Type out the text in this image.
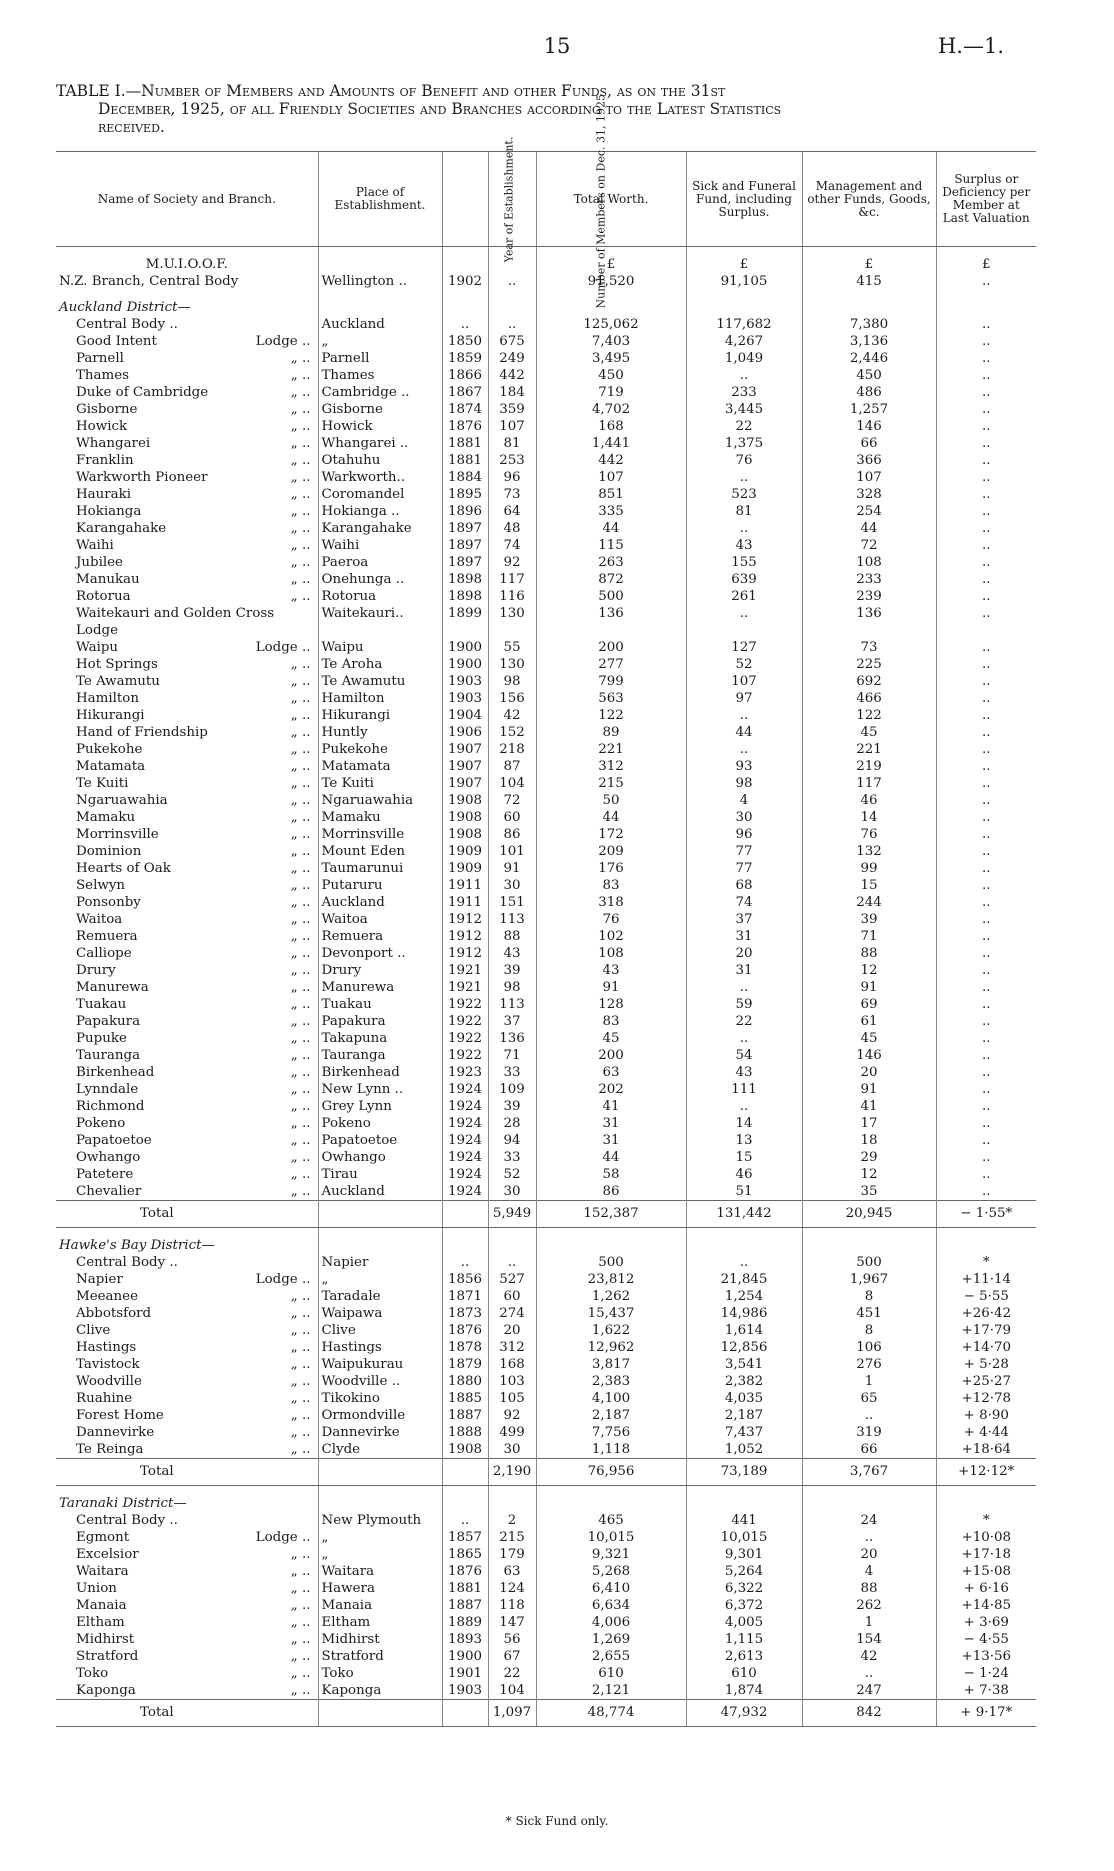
15	H.—1.
TABLE I.—Number of Members and Amounts of Benefit and other Funds, as on the 31st
December, 1925, of all Friendly Societies and Branches according to the Latest Statistics
received.
Name of Society and Branch.	Place of Establishment.	Year of Establishment.	Number of Members on Dec. 31, 1925.	Total Worth.	Sick and Funeral Fund, including Surplus.	Management and other Funds, Goods, &c.	Surplus or Deficiency per Member at Last Valuation

M.U.I.O.O.F.				£	£	£	£
N.Z. Branch, Central Body	Wellington ..	1902	..	91,520	91,105	415	..

Auckland District—							
Central Body ..	Auckland	..	..	125,062	117,682	7,380	..
Good Intent Lodge ..	„	1850	675	7,403	4,267	3,136	..
Parnell „ ..	Parnell	1859	249	3,495	1,049	2,446	..
Thames „ ..	Thames	1866	442	450	..	450	..
Duke of Cambridge „ ..	Cambridge ..	1867	184	719	233	486	..
Gisborne „ ..	Gisborne	1874	359	4,702	3,445	1,257	..
Howick „ ..	Howick	1876	107	168	22	146	..
Whangarei „ ..	Whangarei ..	1881	81	1,441	1,375	66	..
Franklin „ ..	Otahuhu	1881	253	442	76	366	..
Warkworth Pioneer „ ..	Warkworth..	1884	96	107	..	107	..
Hauraki „ ..	Coromandel	1895	73	851	523	328	..
Hokianga „ ..	Hokianga ..	1896	64	335	81	254	..
Karangahake „ ..	Karangahake	1897	48	44	..	44	..
Waihi „ ..	Waihi	1897	74	115	43	72	..
Jubilee „ ..	Paeroa	1897	92	263	155	108	..
Manukau „ ..	Onehunga ..	1898	117	872	639	233	..
Rotorua „ ..	Rotorua	1898	116	500	261	239	..
Waitekauri and Golden Cross	Waitekauri..	1899	130	136	..	136	..
Lodge

Waipu Lodge ..	Waipu	1900	55	200	127	73	..
Hot Springs „ ..	Te Aroha	1900	130	277	52	225	..
Te Awamutu „ ..	Te Awamutu	1903	98	799	107	692	..
Hamilton „ ..	Hamilton	1903	156	563	97	466	..
Hikurangi „ ..	Hikurangi	1904	42	122	..	122	..
Hand of Friendship „ ..	Huntly	1906	152	89	44	45	..
Pukekohe „ ..	Pukekohe	1907	218	221	..	221	..
Matamata „ ..	Matamata	1907	87	312	93	219	..
Te Kuiti „ ..	Te Kuiti	1907	104	215	98	117	..
Ngaruawahia „ ..	Ngaruawahia	1908	72	50	4	46	..
Mamaku „ ..	Mamaku	1908	60	44	30	14	..
Morrinsville „ ..	Morrinsville	1908	86	172	96	76	..
Dominion „ ..	Mount Eden	1909	101	209	77	132	..
Hearts of Oak „ ..	Taumarunui	1909	91	176	77	99	..
Selwyn „ ..	Putaruru	1911	30	83	68	15	..
Ponsonby „ ..	Auckland	1911	151	318	74	244	..
Waitoa „ ..	Waitoa	1912	113	76	37	39	..
Remuera „ ..	Remuera	1912	88	102	31	71	..
Calliope „ ..	Devonport ..	1912	43	108	20	88	..
Drury „ ..	Drury	1921	39	43	31	12	..
Manurewa „ ..	Manurewa	1921	98	91	..	91	..
Tuakau „ ..	Tuakau	1922	113	128	59	69	..
Papakura „ ..	Papakura	1922	37	83	22	61	..
Pupuke „ ..	Takapuna	1922	136	45	..	45	..
Tauranga „ ..	Tauranga	1922	71	200	54	146	..
Birkenhead „ ..	Birkenhead	1923	33	63	43	20	..
Lynndale „ ..	New Lynn ..	1924	109	202	111	91	..
Richmond „ ..	Grey Lynn	1924	39	41	..	41	..
Pokeno „ ..	Pokeno	1924	28	31	14	17	..
Papatoetoe „ ..	Papatoetoe	1924	94	31	13	18	..
Owhango „ ..	Owhango	1924	33	44	15	29	..
Patetere „ ..	Tirau	1924	52	58	46	12	..
Chevalier „ ..	Auckland	1924	30	86	51	35	..
Total			5,949	152,387	131,442	20,945	− 1·55*

Hawke's Bay District—							
Central Body ..	Napier	..	..	500	..	500	*
Napier Lodge ..	„	1856	527	23,812	21,845	1,967	+11·14
Meeanee „ ..	Taradale	1871	60	1,262	1,254	8	− 5·55
Abbotsford „ ..	Waipawa	1873	274	15,437	14,986	451	+26·42
Clive „ ..	Clive	1876	20	1,622	1,614	8	+17·79
Hastings „ ..	Hastings	1878	312	12,962	12,856	106	+14·70
Tavistock „ ..	Waipukurau	1879	168	3,817	3,541	276	+ 5·28
Woodville „ ..	Woodville ..	1880	103	2,383	2,382	1	+25·27
Ruahine „ ..	Tikokino	1885	105	4,100	4,035	65	+12·78
Forest Home „ ..	Ormondville	1887	92	2,187	2,187	..	+ 8·90
Dannevirke „ ..	Dannevirke	1888	499	7,756	7,437	319	+ 4·44
Te Reinga „ ..	Clyde	1908	30	1,118	1,052	66	+18·64
Total			2,190	76,956	73,189	3,767	+12·12*

Taranaki District—							
Central Body ..	New Plymouth	..	2	465	441	24	*
Egmont Lodge ..	„	1857	215	10,015	10,015	..	+10·08
Excelsior „ ..	„	1865	179	9,321	9,301	20	+17·18
Waitara „ ..	Waitara	1876	63	5,268	5,264	4	+15·08
Union „ ..	Hawera	1881	124	6,410	6,322	88	+ 6·16
Manaia „ ..	Manaia	1887	118	6,634	6,372	262	+14·85
Eltham „ ..	Eltham	1889	147	4,006	4,005	1	+ 3·69
Midhirst „ ..	Midhirst	1893	56	1,269	1,115	154	− 4·55
Stratford „ ..	Stratford	1900	67	2,655	2,613	42	+13·56
Toko „ ..	Toko	1901	22	610	610	..	− 1·24
Kaponga „ ..	Kaponga	1903	104	2,121	1,874	247	+ 7·38
Total			1,097	48,774	47,932	842	+ 9·17*
* Sick Fund only.
